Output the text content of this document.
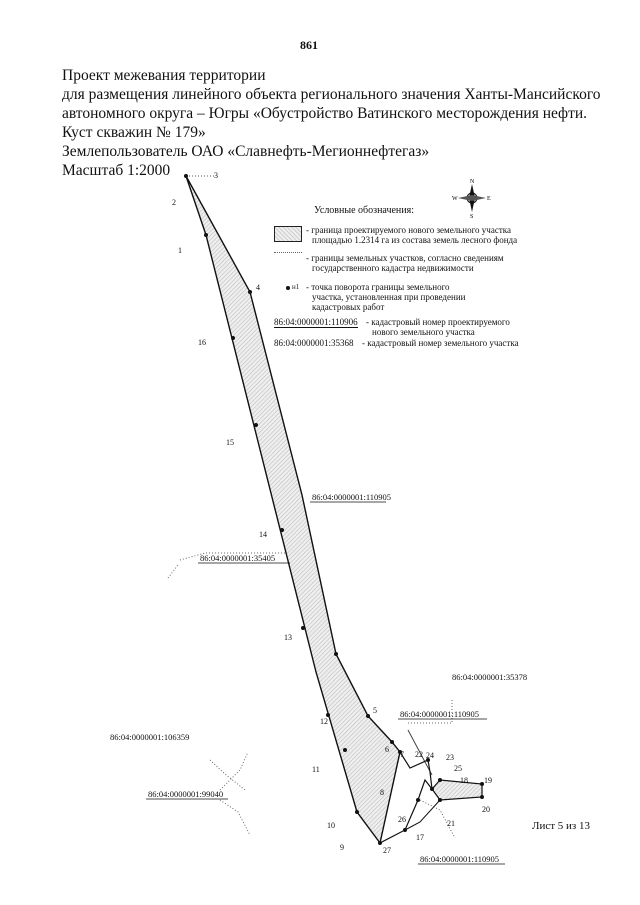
861
Проект межевания территории
для размещения линейного объекта регионального значения Ханты-Мансийского
автономного округа – Югры «Обустройство Ватинского месторождения нефти.
Куст скважин № 179»
Землепользователь ОАО «Славнефть-Мегионнефтегаз»
Масштаб 1:2000
N
S
E
W
Условные обозначения:
- граница проектируемого нового земельного участка
площадью 1.2314 га из состава земель лесного фонда
- границы земельных участков, согласно сведениям
государственного кадастра недвижимости
н1 - точка поворота границы земельного
участка, установленная при проведении
кадастровых работ
86:04:0000001:110906 - кадастровый номер проектируемого
нового земельного участка
86:04:0000001:35368 - кадастровый номер земельного участка
1
2
3
4
5
6
7
8
9
10
11
12
13
14
15
16
17
18 19
20
21
22	23
24
25
26
27
86:04:0000001:110905
86:04:0000001:35405
86:04:0000001:35378
86:04:0000001:110905
86:04:0000001:106359
86:04:0000001:99040
86:04:0000001:110905
Лист 5 из 13
